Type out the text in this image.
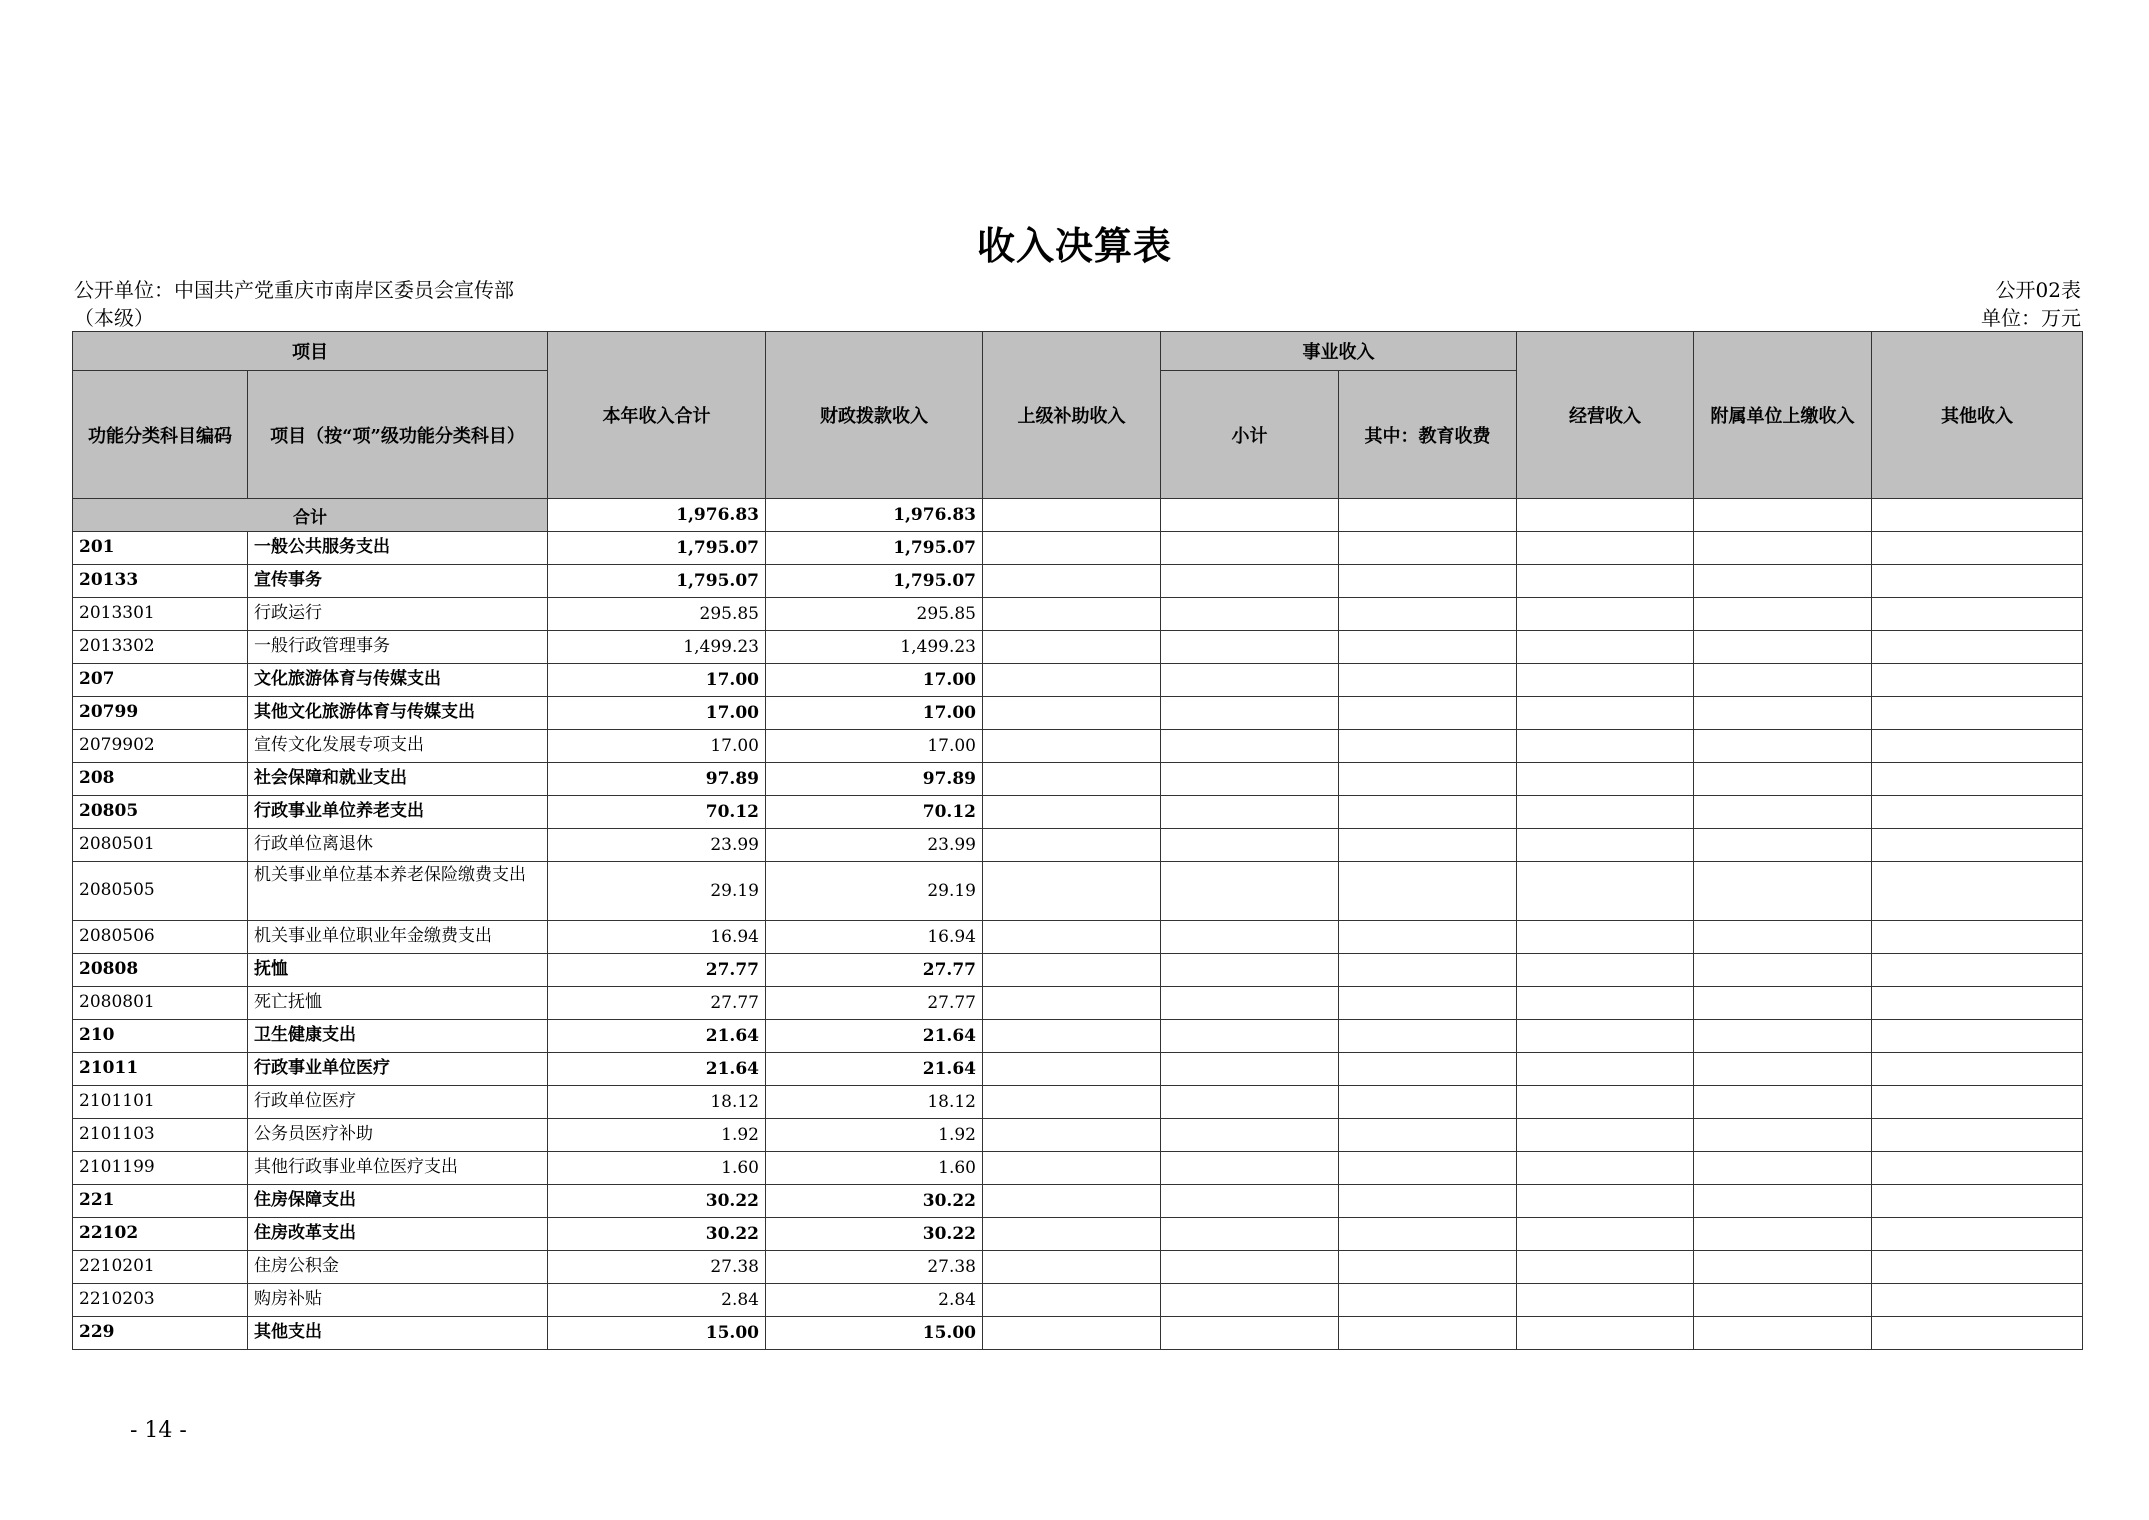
收入决算表
公开单位：中国共产党重庆市南岸区委员会宣传部
（本级）
公开02表
单位：万元
项目		本年收入合计	财政拨款收入	上级补助收入	事业收入		经营收入	附属单位上缴收入	其他收入
功能分类科目编码	项目（按“项”级功能分类科目）				小计	其中：教育收费			
合计		1,976.83	1,976.83						
201	一般公共服务支出	1,795.07	1,795.07						
20133	宣传事务	1,795.07	1,795.07						
2013301	行政运行	295.85	295.85						
2013302	一般行政管理事务	1,499.23	1,499.23						
207	文化旅游体育与传媒支出	17.00	17.00						
20799	其他文化旅游体育与传媒支出	17.00	17.00						
2079902	宣传文化发展专项支出	17.00	17.00						
208	社会保障和就业支出	97.89	97.89						
20805	行政事业单位养老支出	70.12	70.12						
2080501	行政单位离退休	23.99	23.99						
2080505	机关事业单位基本养老保险缴费支出	29.19	29.19						
2080506	机关事业单位职业年金缴费支出	16.94	16.94						
20808	抚恤	27.77	27.77						
2080801	死亡抚恤	27.77	27.77						
210	卫生健康支出	21.64	21.64						
21011	行政事业单位医疗	21.64	21.64						
2101101	行政单位医疗	18.12	18.12						
2101103	公务员医疗补助	1.92	1.92						
2101199	其他行政事业单位医疗支出	1.60	1.60						
221	住房保障支出	30.22	30.22						
22102	住房改革支出	30.22	30.22						
2210201	住房公积金	27.38	27.38						
2210203	购房补贴	2.84	2.84						
229	其他支出	15.00	15.00						
- 14 -
